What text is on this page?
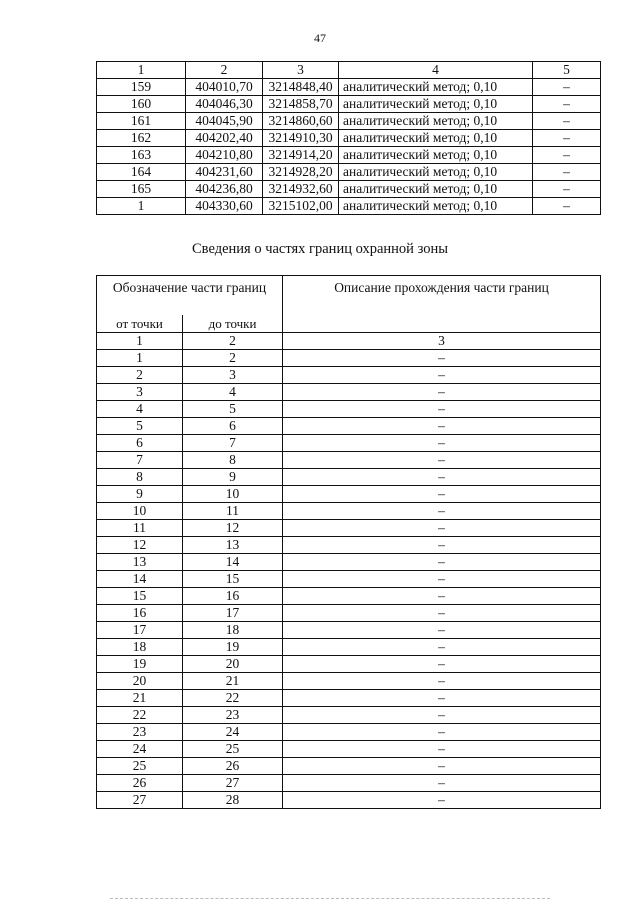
47
1	2	3	4	5
159	404010,70	3214848,40	аналитический метод; 0,10	–
160	404046,30	3214858,70	аналитический метод; 0,10	–
161	404045,90	3214860,60	аналитический метод; 0,10	–
162	404202,40	3214910,30	аналитический метод; 0,10	–
163	404210,80	3214914,20	аналитический метод; 0,10	–
164	404231,60	3214928,20	аналитический метод; 0,10	–
165	404236,80	3214932,60	аналитический метод; 0,10	–
1	404330,60	3215102,00	аналитический метод; 0,10	–
Сведения о частях границ охранной зоны
Обозначение части границ		Описание прохождения части границ
от точки	до точки	
1	2	3
1	2	–
2	3	–
3	4	–
4	5	–
5	6	–
6	7	–
7	8	–
8	9	–
9	10	–
10	11	–
11	12	–
12	13	–
13	14	–
14	15	–
15	16	–
16	17	–
17	18	–
18	19	–
19	20	–
20	21	–
21	22	–
22	23	–
23	24	–
24	25	–
25	26	–
26	27	–
27	28	–
